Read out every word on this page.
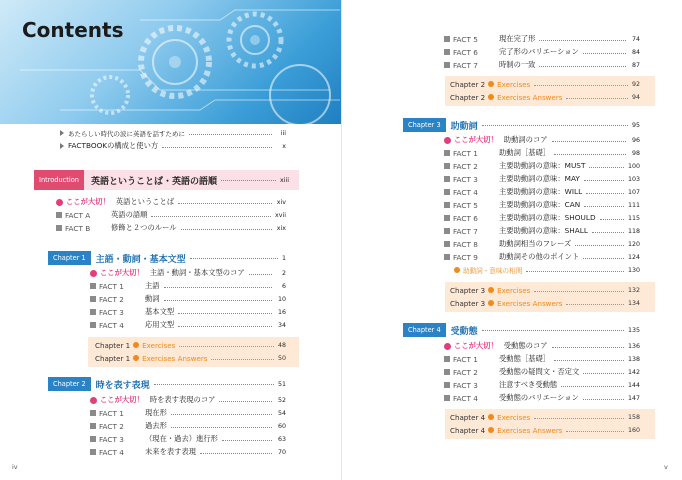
Contents
あたらしい時代の波に英語を話すために	iii
FACTBOOKの構成と使い方	x
Introduction	英語ということば・英語の語順	xiii
ここが大切！ 英語ということば	xiv
FACT A	英語の語順	xvii
FACT B	修飾と２つのルール	xix
Chapter 1	主語・動詞・基本文型	1
ここが大切！ 主語・動詞・基本文型のコア	2
FACT 1	主語	6
FACT 2	動詞	10
FACT 3	基本文型	16
FACT 4	応用文型	34
Chapter 1 Exercises	48
Chapter 1 Exercises Answers	50
Chapter 2	時を表す表現	51
ここが大切！ 時を表す表現のコア	52
FACT 1	現在形	54
FACT 2	過去形	60
FACT 3	（現在・過去）進行形	63
FACT 4	未来を表す表現	70
iv
FACT 5	現在完了形	74
FACT 6	完了形のバリエーション	84
FACT 7	時制の一致	87
Chapter 2 Exercises	92
Chapter 2 Exercises Answers	94
Chapter 3	助動詞	95
ここが大切！ 助動詞のコア	96
FACT 1	助動詞［基礎］	98
FACT 2	主要助動詞の意味：MUST	100
FACT 3	主要助動詞の意味：MAY	103
FACT 4	主要助動詞の意味：WILL	107
FACT 5	主要助動詞の意味：CAN	111
FACT 6	主要助動詞の意味：SHOULD	115
FACT 7	主要助動詞の意味：SHALL	118
FACT 8	助動詞相当のフレーズ	120
FACT 9	助動詞その他のポイント	124
助動詞・意味の相関	130
Chapter 3 Exercises	132
Chapter 3 Exercises Answers	134
Chapter 4	受動態	135
ここが大切！ 受動態のコア	136
FACT 1	受動態［基礎］	138
FACT 2	受動態の疑問文・否定文	142
FACT 3	注意すべき受動態	144
FACT 4	受動態のバリエーション	147
Chapter 4 Exercises	158
Chapter 4 Exercises Answers	160
v
